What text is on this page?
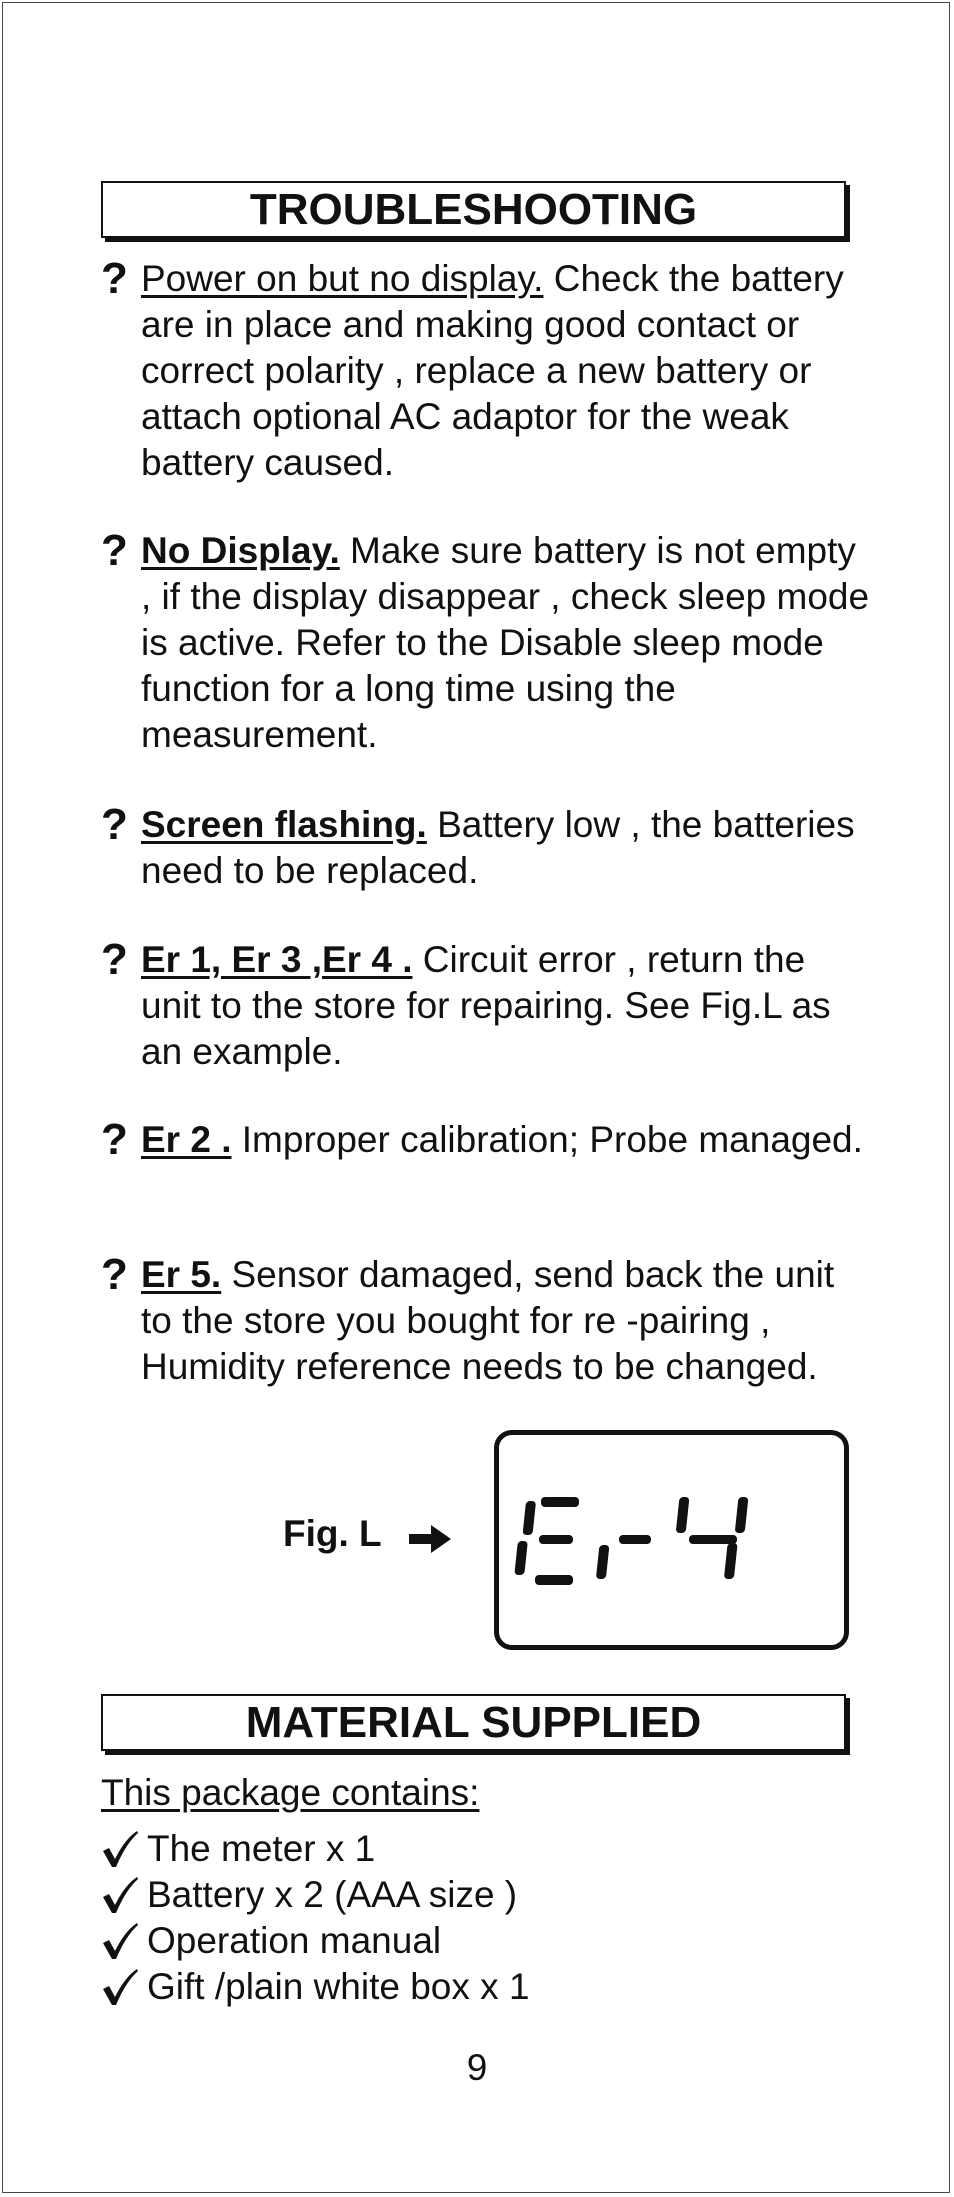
TROUBLESHOOTING
? Power on but no display. Check the battery are in place and making good contact or correct polarity , replace a new battery or attach optional AC adaptor for the weak battery caused.
? No Display. Make sure battery is not empty , if the display disappear , check sleep mode is active. Refer to the Disable sleep mode function for a long time using the measurement.
? Screen flashing. Battery low , the batteries need to be replaced.
? Er 1, Er 3 ,Er 4 . Circuit error , return the unit to the store for repairing. See Fig.L as an example.
? Er 2 . Improper calibration; Probe managed.
? Er 5. Sensor damaged, send back the unit to the store you bought for re -pairing , Humidity reference needs to be changed.
Fig. L
MATERIAL SUPPLIED
This package contains:
The meter x 1
Battery x 2 (AAA size )
Operation manual
Gift /plain white box x 1
9
